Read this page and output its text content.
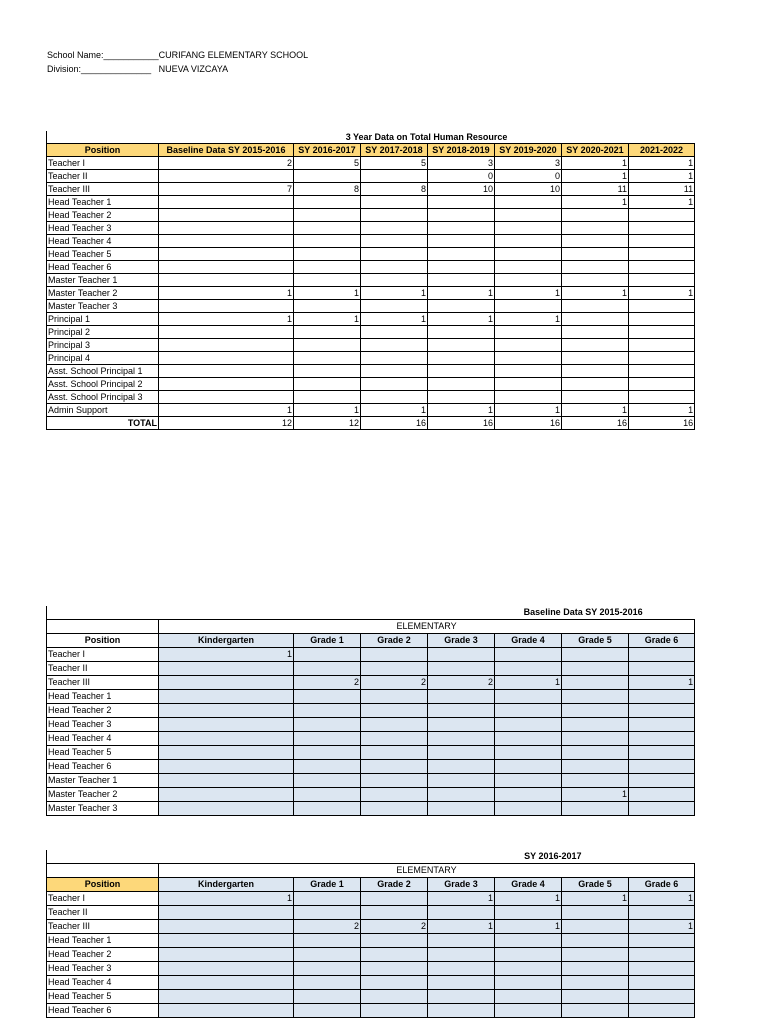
School Name:___________CURIFANG ELEMENTARY SCHOOL
Division:______________   NUEVA VIZCAYA
	3 Year Data on Total Human Resource						
Position	Baseline Data SY 2015-2016	SY 2016-2017	SY 2017-2018	SY 2018-2019	SY 2019-2020	SY 2020-2021	2021-2022
Teacher I	2	5	5	3	3	1	1
Teacher II				0	0	1	1
Teacher III	7	8	8	10	10	11	11
Head Teacher 1						1	1
Head Teacher 2							
Head Teacher 3							
Head Teacher 4							
Head Teacher 5							
Head Teacher 6							
Master Teacher 1							
Master Teacher 2	1	1	1	1	1	1	1
Master Teacher 3							
Principal 1	1	1	1	1	1		
Principal 2							
Principal 3							
Principal 4							
Asst. School Principal 1							
Asst. School Principal 2							
Asst. School Principal 3							
Admin Support	1	1	1	1	1	1	1
TOTAL	12	12	16	16	16	16	16
	Baseline Data SY 2015-2016						
	ELEMENTARY						
Position	Kindergarten	Grade 1	Grade 2	Grade 3	Grade 4	Grade 5	Grade 6
Teacher I	1						
Teacher II							
Teacher III		2	2	2	1		1
Head Teacher 1							
Head Teacher 2							
Head Teacher 3							
Head Teacher 4							
Head Teacher 5							
Head Teacher 6							
Master Teacher 1							
Master Teacher 2						1	
Master Teacher 3							
	SY 2016-2017						
	ELEMENTARY						
Position	Kindergarten	Grade 1	Grade 2	Grade 3	Grade 4	Grade 5	Grade 6
Teacher I	1			1	1	1	1
Teacher II							
Teacher III		2	2	1	1		1
Head Teacher 1							
Head Teacher 2							
Head Teacher 3							
Head Teacher 4							
Head Teacher 5							
Head Teacher 6							
